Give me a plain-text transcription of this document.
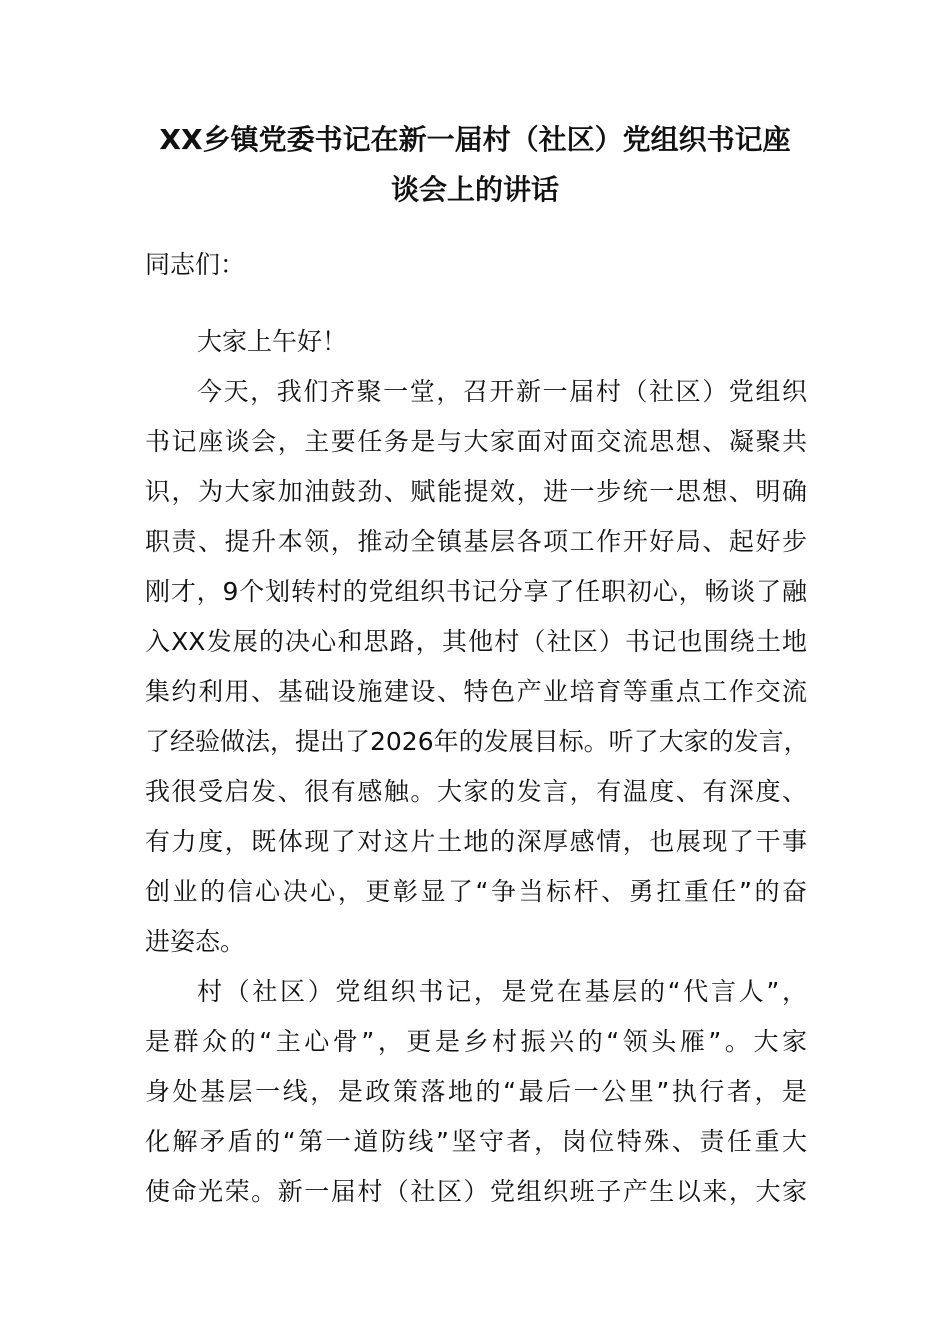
XX乡镇党委书记在新一届村（社区）党组织书记座
谈会上的讲话
同志们：
大家上午好！
今天，我们齐聚一堂，召开新一届村（社区）党组织
书记座谈会，主要任务是与大家面对面交流思想、凝聚共
识，为大家加油鼓劲、赋能提效，进一步统一思想、明确
职责、提升本领，推动全镇基层各项工作开好局、起好步
刚才，9个划转村的党组织书记分享了任职初心，畅谈了融
入XX发展的决心和思路，其他村（社区）书记也围绕土地
集约利用、基础设施建设、特色产业培育等重点工作交流
了经验做法，提出了2026年的发展目标。听了大家的发言，
我很受启发、很有感触。大家的发言，有温度、有深度、
有力度，既体现了对这片土地的深厚感情，也展现了干事
创业的信心决心，更彰显了“争当标杆、勇扛重任”的奋
进姿态。
村（社区）党组织书记，是党在基层的“代言人”，
是群众的“主心骨”，更是乡村振兴的“领头雁”。大家
身处基层一线，是政策落地的“最后一公里”执行者，是
化解矛盾的“第一道防线”坚守者，岗位特殊、责任重大
使命光荣。新一届村（社区）党组织班子产生以来，大家
